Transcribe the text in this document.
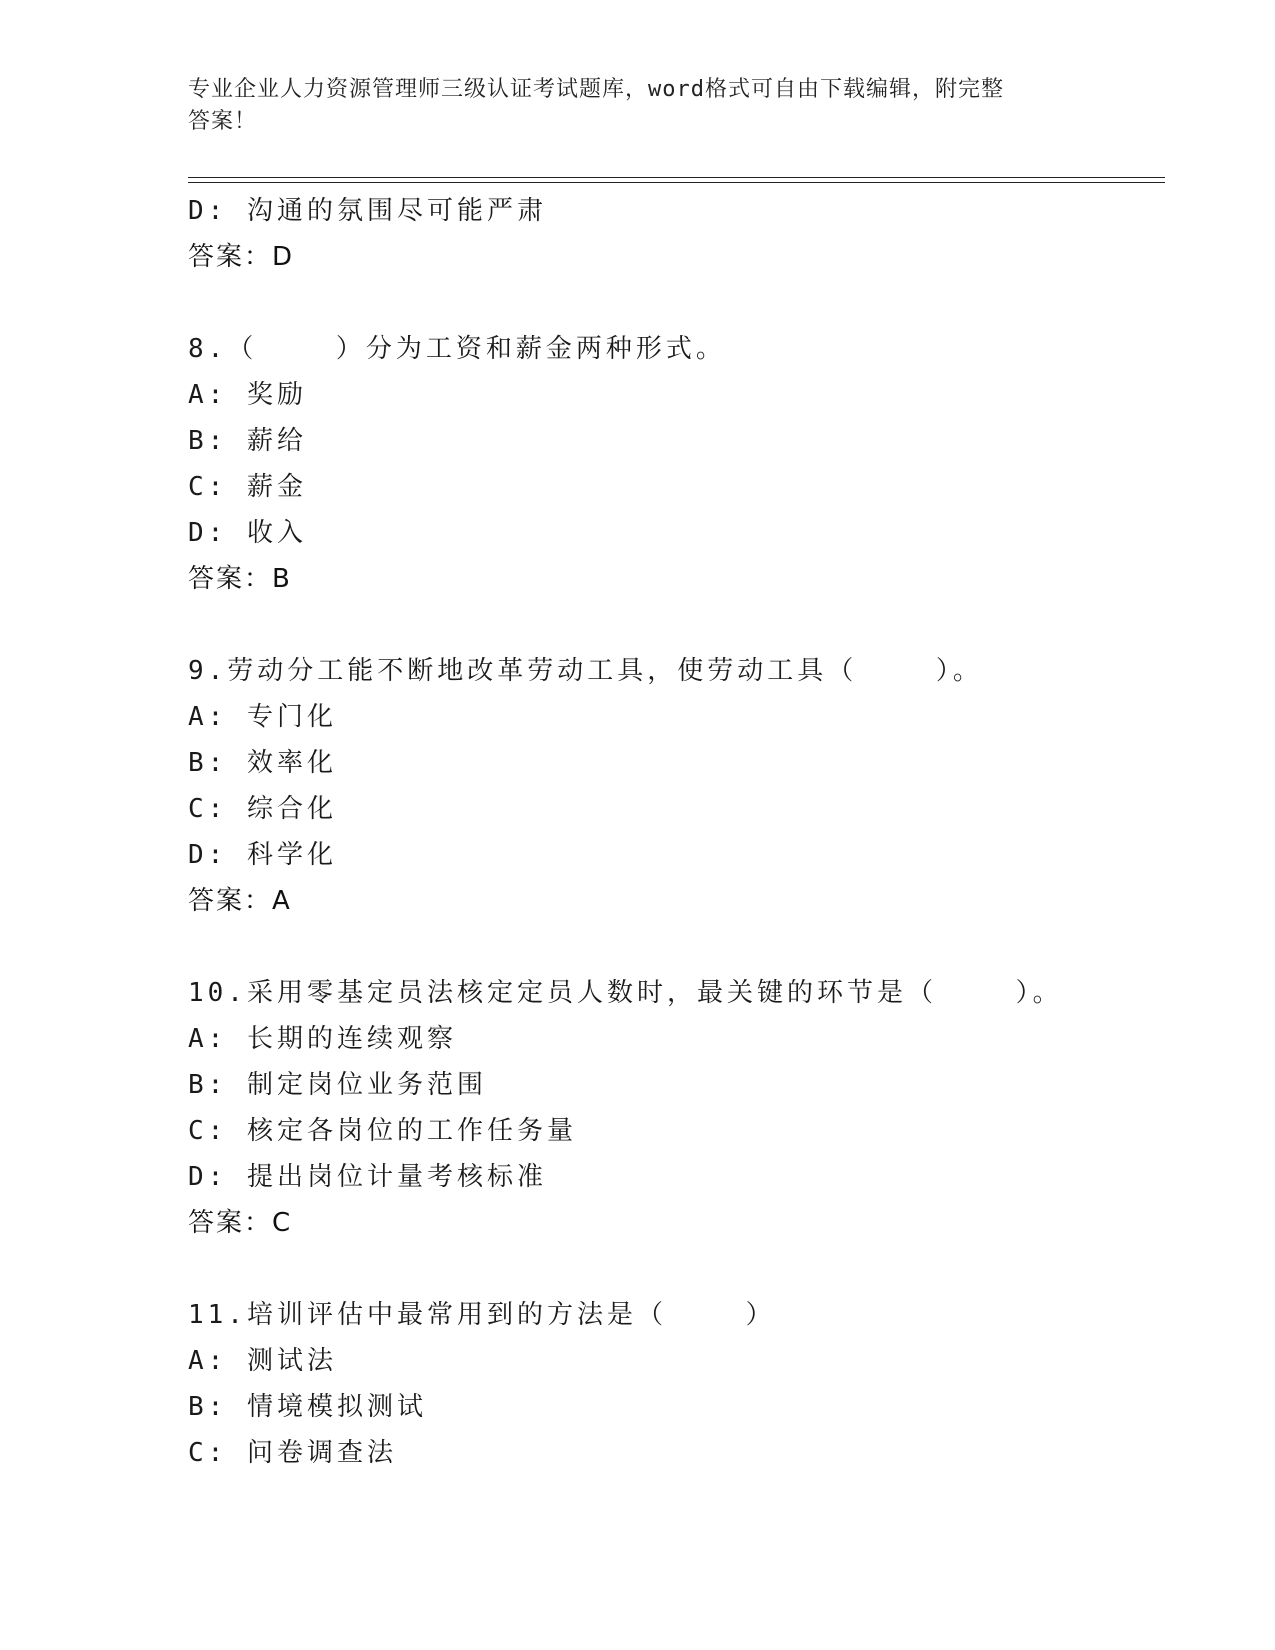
专业企业人力资源管理师三级认证考试题库，word格式可自由下载编辑，附完整
答案！
D: 沟通的氛围尽可能严肃
答案：D
8.（    ）分为工资和薪金两种形式。
A: 奖励
B: 薪给
C: 薪金
D: 收入
答案：B
9.劳动分工能不断地改革劳动工具，使劳动工具（    ）。
A: 专门化
B: 效率化
C: 综合化
D: 科学化
答案：A
10.采用零基定员法核定定员人数时，最关键的环节是（    ）。
A: 长期的连续观察
B: 制定岗位业务范围
C: 核定各岗位的工作任务量
D: 提出岗位计量考核标准
答案：C
11.培训评估中最常用到的方法是（    ）
A: 测试法
B: 情境模拟测试
C: 问卷调查法
